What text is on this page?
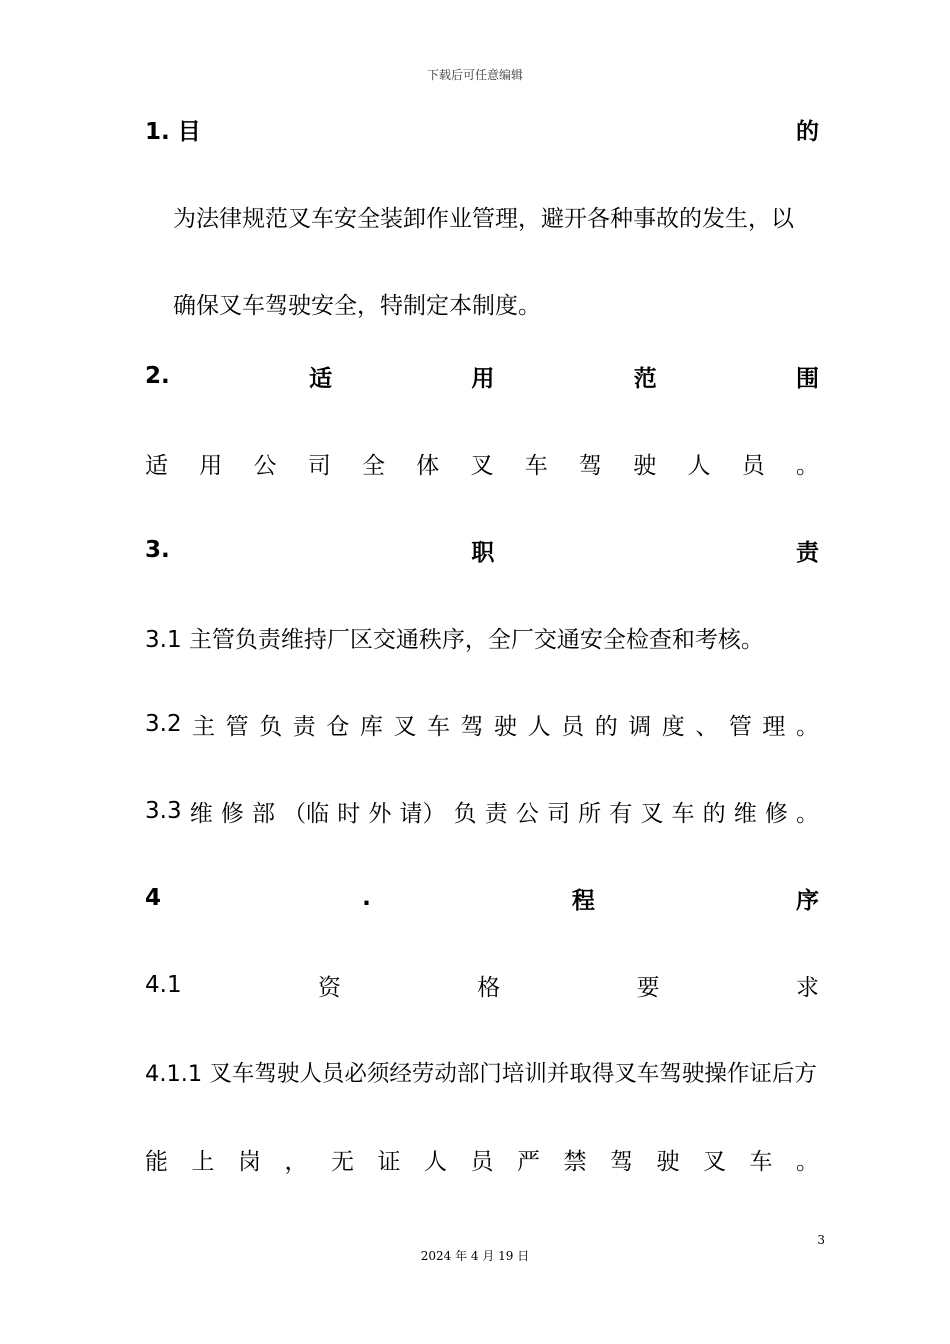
下载后可任意编辑
1. 目	的
为法律规范叉车安全装卸作业管理，避开各种事故的发生，以
确保叉车驾驶安全，特制定本制度。
2.	适	用	范	围
适 用 公 司 全 体 叉 车 驾 驶 人 员 。
3.	职	责
3.1 主管负责维持厂区交通秩序，全厂交通安全检查和考核。
3.2 主 管 负 责 仓 库 叉 车 驾 驶 人 员 的 调 度 、 管 理 。
3.3 维 修 部 （临 时 外 请） 负 责 公 司 所 有 叉 车 的 维 修 。
4	.	程	序
4.1	资	格	要	求
4.1.1 叉车驾驶人员必须经劳动部门培训并取得叉车驾驶操作证后方
能 上 岗 ， 无 证 人 员 严 禁 驾 驶 叉 车 。
3
2024 年 4 月 19 日
